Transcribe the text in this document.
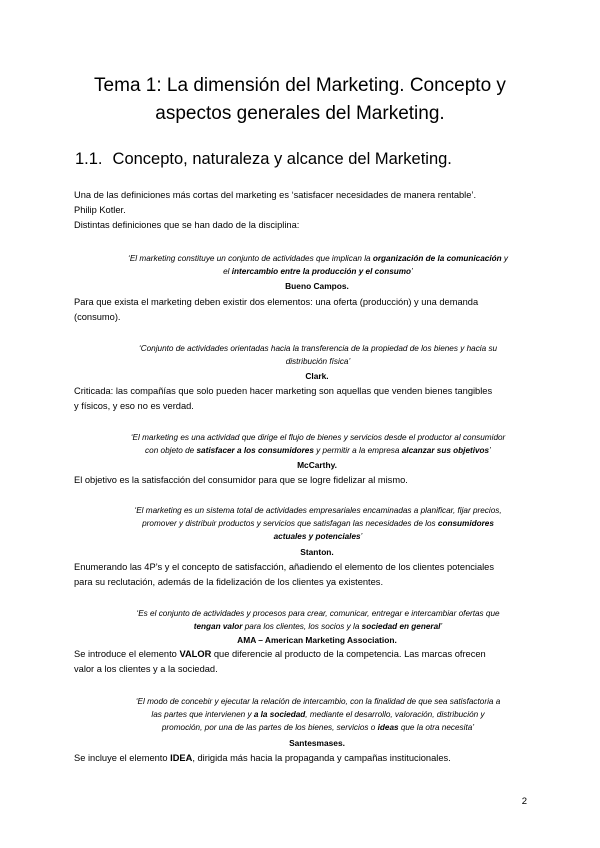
Tema 1: La dimensión del Marketing. Concepto y
aspectos generales del Marketing.
1.1. Concepto, naturaleza y alcance del Marketing.
Una de las definiciones más cortas del marketing es ‘satisfacer necesidades de manera rentable’.
Philip Kotler.
Distintas definiciones que se han dado de la disciplina:
‘El marketing constituye un conjunto de actividades que implican la organización de la comunicación y
el intercambio entre la producción y el consumo’
Bueno Campos.
Para que exista el marketing deben existir dos elementos: una oferta (producción) y una demanda
(consumo).
‘Conjunto de actividades orientadas hacia la transferencia de la propiedad de los bienes y hacia su
distribución física’
Clark.
Criticada: las compañías que solo pueden hacer marketing son aquellas que venden bienes tangibles
y físicos, y eso no es verdad.
‘El marketing es una actividad que dirige el flujo de bienes y servicios desde el productor al consumidor
con objeto de satisfacer a los consumidores y permitir a la empresa alcanzar sus objetivos’
McCarthy.
El objetivo es la satisfacción del consumidor para que se logre fidelizar al mismo.
‘El marketing es un sistema total de actividades empresariales encaminadas a planificar, fijar precios,
promover y distribuir productos y servicios que satisfagan las necesidades de los consumidores
actuales y potenciales’
Stanton.
Enumerando las 4P’s y el concepto de satisfacción, añadiendo el elemento de los clientes potenciales
para su reclutación, además de la fidelización de los clientes ya existentes.
‘Es el conjunto de actividades y procesos para crear, comunicar, entregar e intercambiar ofertas que
tengan valor para los clientes, los socios y la sociedad en general’
AMA – American Marketing Association.
Se introduce el elemento VALOR que diferencie al producto de la competencia. Las marcas ofrecen
valor a los clientes y a la sociedad.
‘El modo de concebir y ejecutar la relación de intercambio, con la finalidad de que sea satisfactoria a
las partes que intervienen y a la sociedad, mediante el desarrollo, valoración, distribución y
promoción, por una de las partes de los bienes, servicios o ideas que la otra necesita’
Santesmases.
Se incluye el elemento IDEA, dirigida más hacia la propaganda y campañas institucionales.
2
